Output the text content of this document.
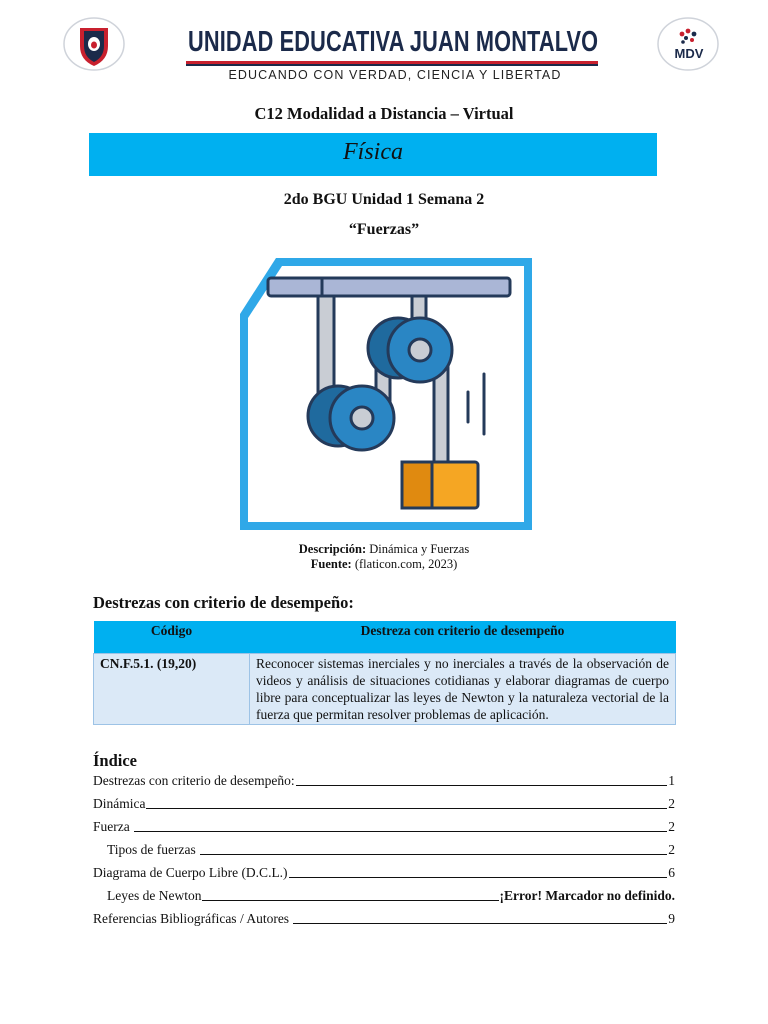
UNIDAD EDUCATIVA JUAN MONTALVO
EDUCANDO CON VERDAD, CIENCIA Y LIBERTAD
MDV
C12 Modalidad a Distancia – Virtual
Física
2do BGU Unidad 1 Semana 2
“Fuerzas”
Descripción: Dinámica y Fuerzas
Fuente: (flaticon.com, 2023)
Destrezas con criterio de desempeño:
Código	Destreza con criterio de desempeño
CN.F.5.1. (19,20)	Reconocer sistemas inerciales y no inerciales a través de la observación de videos y análisis de situaciones cotidianas y elaborar diagramas de cuerpo libre para conceptualizar las leyes de Newton y la naturaleza vectorial de la fuerza que permitan resolver problemas de aplicación.
Índice
Destrezas con criterio de desempeño:	1
Dinámica	2
Fuerza	2
Tipos de fuerzas	2
Diagrama de Cuerpo Libre (D.C.L.)	6
Leyes de Newton	¡Error! Marcador no definido.
Referencias Bibliográficas / Autores	9
